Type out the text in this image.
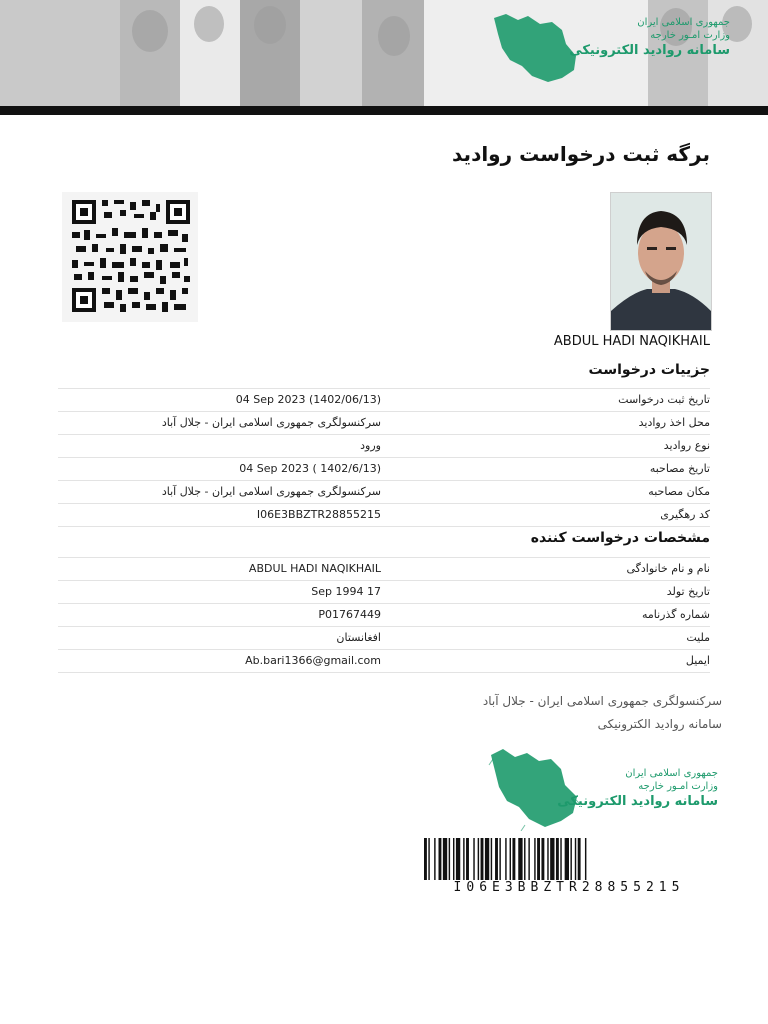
جمهوری اسلامی ایران
وزارت امـور خارجه
سامانه روادید الکترونیکی
برگه ثبت درخواست روادید
ABDUL HADI NAQIKHAIL
جزییات درخواست
تاریخ ثبت درخواست
04 Sep 2023 (1402/06/13)
محل اخذ روادید
سرکنسولگری جمهوری اسلامی ایران - جلال آباد
نوع روادید
ورود
تاریخ مصاحبه
04 Sep 2023 ( 1402/6/13)
مکان مصاحبه
سرکنسولگری جمهوری اسلامی ایران - جلال آباد
کد رهگیری
I06E3BBZTR28855215
مشخصات درخواست کننده
نام و نام خانوادگی
ABDUL HADI NAQIKHAIL
تاریخ تولد
Sep 1994 17
شماره گذرنامه
P01767449
ملیت
افغانستان
ایمیل
Ab.bari1366@gmail.com
سرکنسولگری جمهوری اسلامی ایران - جلال آباد
سامانه روادید الکترونیکی
جمهوری اسلامی ایران
وزارت امـور خارجه
سامانه روادید الکترونیکی
I06E3BBZTR28855215
